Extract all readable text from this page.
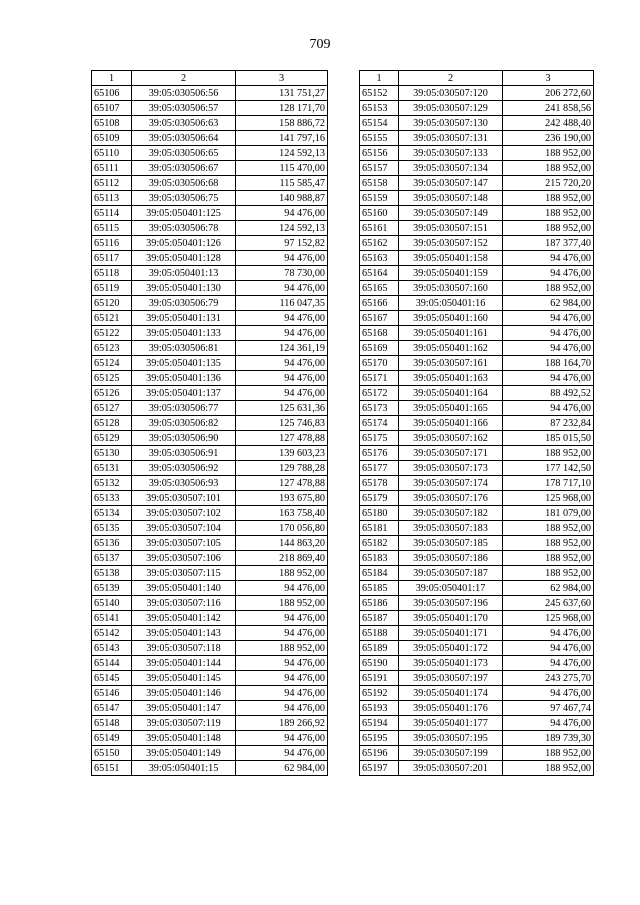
709
1	2	3
65106	39:05:030506:56	131 751,27
65107	39:05:030506:57	128 171,70
65108	39:05:030506:63	158 886,72
65109	39:05:030506:64	141 797,16
65110	39:05:030506:65	124 592,13
65111	39:05:030506:67	115 470,00
65112	39:05:030506:68	115 585,47
65113	39:05:030506:75	140 988,87
65114	39:05:050401:125	94 476,00
65115	39:05:030506:78	124 592,13
65116	39:05:050401:126	97 152,82
65117	39:05:050401:128	94 476,00
65118	39:05:050401:13	78 730,00
65119	39:05:050401:130	94 476,00
65120	39:05:030506:79	116 047,35
65121	39:05:050401:131	94 476,00
65122	39:05:050401:133	94 476,00
65123	39:05:030506:81	124 361,19
65124	39:05:050401:135	94 476,00
65125	39:05:050401:136	94 476,00
65126	39:05:050401:137	94 476,00
65127	39:05:030506:77	125 631,36
65128	39:05:030506:82	125 746,83
65129	39:05:030506:90	127 478,88
65130	39:05:030506:91	139 603,23
65131	39:05:030506:92	129 788,28
65132	39:05:030506:93	127 478,88
65133	39:05:030507:101	193 675,80
65134	39:05:030507:102	163 758,40
65135	39:05:030507:104	170 056,80
65136	39:05:030507:105	144 863,20
65137	39:05:030507:106	218 869,40
65138	39:05:030507:115	188 952,00
65139	39:05:050401:140	94 476,00
65140	39:05:030507:116	188 952,00
65141	39:05:050401:142	94 476,00
65142	39:05:050401:143	94 476,00
65143	39:05:030507:118	188 952,00
65144	39:05:050401:144	94 476,00
65145	39:05:050401:145	94 476,00
65146	39:05:050401:146	94 476,00
65147	39:05:050401:147	94 476,00
65148	39:05:030507:119	189 266,92
65149	39:05:050401:148	94 476,00
65150	39:05:050401:149	94 476,00
65151	39:05:050401:15	62 984,00
1	2	3
65152	39:05:030507:120	206 272,60
65153	39:05:030507:129	241 858,56
65154	39:05:030507:130	242 488,40
65155	39:05:030507:131	236 190,00
65156	39:05:030507:133	188 952,00
65157	39:05:030507:134	188 952,00
65158	39:05:030507:147	215 720,20
65159	39:05:030507:148	188 952,00
65160	39:05:030507:149	188 952,00
65161	39:05:030507:151	188 952,00
65162	39:05:030507:152	187 377,40
65163	39:05:050401:158	94 476,00
65164	39:05:050401:159	94 476,00
65165	39:05:030507:160	188 952,00
65166	39:05:050401:16	62 984,00
65167	39:05:050401:160	94 476,00
65168	39:05:050401:161	94 476,00
65169	39:05:050401:162	94 476,00
65170	39:05:030507:161	188 164,70
65171	39:05:050401:163	94 476,00
65172	39:05:050401:164	88 492,52
65173	39:05:050401:165	94 476,00
65174	39:05:050401:166	87 232,84
65175	39:05:030507:162	185 015,50
65176	39:05:030507:171	188 952,00
65177	39:05:030507:173	177 142,50
65178	39:05:030507:174	178 717,10
65179	39:05:030507:176	125 968,00
65180	39:05:030507:182	181 079,00
65181	39:05:030507:183	188 952,00
65182	39:05:030507:185	188 952,00
65183	39:05:030507:186	188 952,00
65184	39:05:030507:187	188 952,00
65185	39:05:050401:17	62 984,00
65186	39:05:030507:196	245 637,60
65187	39:05:050401:170	125 968,00
65188	39:05:050401:171	94 476,00
65189	39:05:050401:172	94 476,00
65190	39:05:050401:173	94 476,00
65191	39:05:030507:197	243 275,70
65192	39:05:050401:174	94 476,00
65193	39:05:050401:176	97 467,74
65194	39:05:050401:177	94 476,00
65195	39:05:030507:195	189 739,30
65196	39:05:030507:199	188 952,00
65197	39:05:030507:201	188 952,00
